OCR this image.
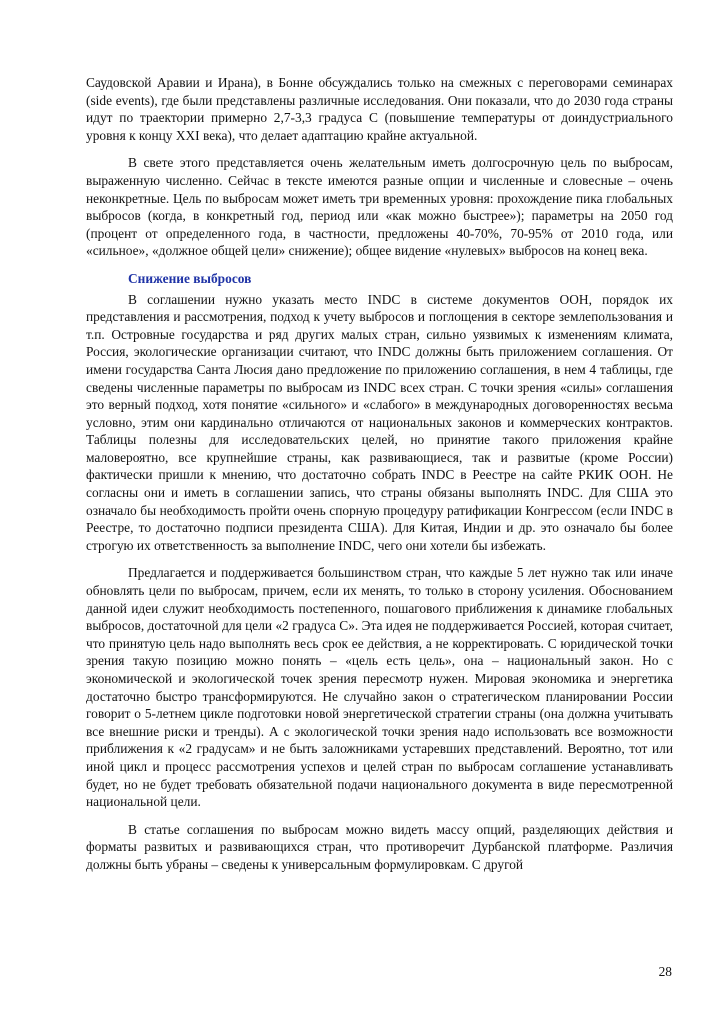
Саудовской Аравии и Ирана), в Бонне обсуждались только на смежных с переговорами семинарах (side events), где были представлены различные исследования. Они показали, что до 2030 года страны идут по траектории примерно 2,7-3,3 градуса С (повышение температуры от доиндустриального уровня к концу XXI века), что делает адаптацию крайне актуальной.

В свете этого представляется очень желательным иметь долгосрочную цель по выбросам, выраженную численно. Сейчас в тексте имеются разные опции и численные и словесные – очень неконкретные. Цель по выбросам может иметь три временных уровня: прохождение пика глобальных выбросов (когда, в конкретный год, период или «как можно быстрее»); параметры на 2050 год (процент от определенного года, в частности, предложены 40-70%, 70-95% от 2010 года, или «сильное», «должное общей цели» снижение); общее видение «нулевых» выбросов на конец века.

Снижение выбросов

В соглашении нужно указать место INDC в системе документов ООН, порядок их представления и рассмотрения, подход к учету выбросов и поглощения в секторе землепользования и т.п. Островные государства и ряд других малых стран, сильно уязвимых к изменениям климата, Россия, экологические организации считают, что INDC должны быть приложением соглашения. От имени государства Санта Люсия дано предложение по приложению соглашения, в нем 4 таблицы, где сведены численные параметры по выбросам из INDC всех стран. С точки зрения «силы» соглашения это верный подход, хотя понятие «сильного» и «слабого» в международных договоренностях весьма условно, этим они кардинально отличаются от национальных законов и коммерческих контрактов. Таблицы полезны для исследовательских целей, но принятие такого приложения крайне маловероятно, все крупнейшие страны, как развивающиеся, так и развитые (кроме России) фактически пришли к мнению, что достаточно собрать INDC в Реестре на сайте РКИК ООН. Не согласны они и иметь в соглашении запись, что страны обязаны выполнять INDC. Для США это означало бы необходимость пройти очень спорную процедуру ратификации Конгрессом (если INDC в Реестре, то достаточно подписи президента США). Для Китая, Индии и др. это означало бы более строгую их ответственность за выполнение INDC, чего они хотели бы избежать.

Предлагается и поддерживается большинством стран, что каждые 5 лет нужно так или иначе обновлять цели по выбросам, причем, если их менять, то только в сторону усиления. Обоснованием данной идеи служит необходимость постепенного, пошагового приближения к динамике глобальных выбросов, достаточной для цели «2 градуса С». Эта идея не поддерживается Россией, которая считает, что принятую цель надо выполнять весь срок ее действия, а не корректировать. С юридической точки зрения такую позицию можно понять – «цель есть цель», она – национальный закон. Но с экономической и экологической точек зрения пересмотр нужен. Мировая экономика и энергетика достаточно быстро трансформируются. Не случайно закон о стратегическом планировании России говорит о 5-летнем цикле подготовки новой энергетической стратегии страны (она должна учитывать все внешние риски и тренды). А с экологической точки зрения надо использовать все возможности приближения к «2 градусам» и не быть заложниками устаревших представлений. Вероятно, тот или иной цикл и процесс рассмотрения успехов и целей стран по выбросам соглашение устанавливать будет, но не будет требовать обязательной подачи национального документа в виде пересмотренной национальной цели.

В статье соглашения по выбросам можно видеть массу опций, разделяющих действия и форматы развитых и развивающихся стран, что противоречит Дурбанской платформе. Различия должны быть убраны – сведены к универсальным формулировкам. С другой

28
